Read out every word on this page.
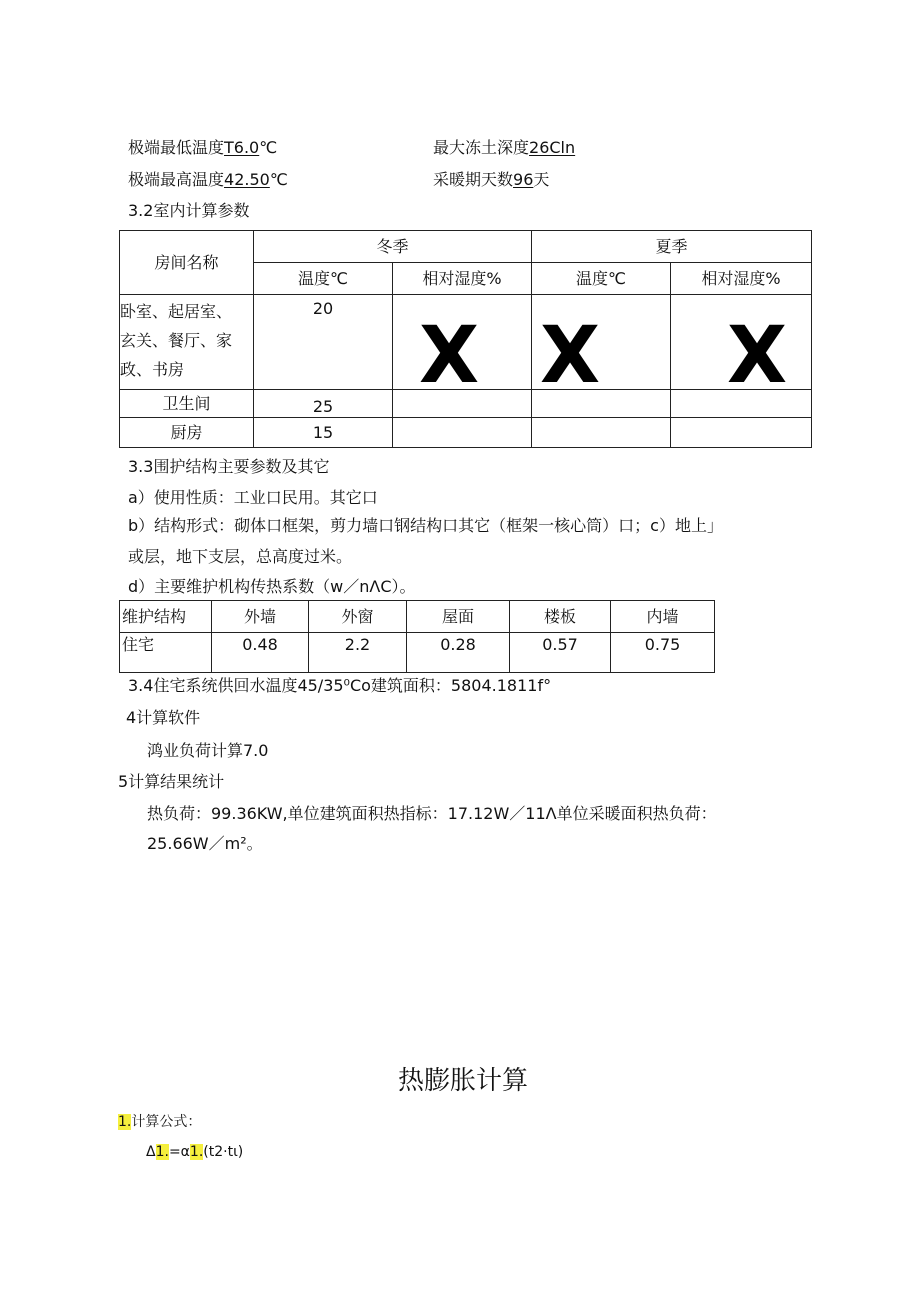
极端最低温度T6.0℃	最大冻土深度26Cln
极端最高温度42.50℃	采暖期天数96天
3.2室内计算参数
房间名称	冬季		夏季	
	温度℃	相对湿度%	温度℃	相对湿度%

卧室、起居室、
玄关、餐厅、家
政、书房	20	X	X	X

卫生间	25			
厨房	15			
3.3围护结构主要参数及其它
a）使用性质：工业口民用。其它口
b）结构形式：砌体口框架，剪力墙口钢结构口其它（框架一核心筒）口；c）地上」
或层，地下支层，总高度过米。
d）主要维护机构传热系数（w／nΛC）。
维护结构	外墙	外窗	屋面	楼板	内墙
住宅	0.48	2.2	0.28	0.57	0.75
3.4住宅系统供回水温度45/35⁰Co建筑面积：5804.1811f°
4计算软件
鸿业负荷计算7.0
5计算结果统计
热负荷：99.36KW,单位建筑面积热指标：17.12W／11Λ单位采暖面积热负荷：
25.66W／m²。
热膨胀计算
1.计算公式：
Δ1.=α1.(t2·tι)
